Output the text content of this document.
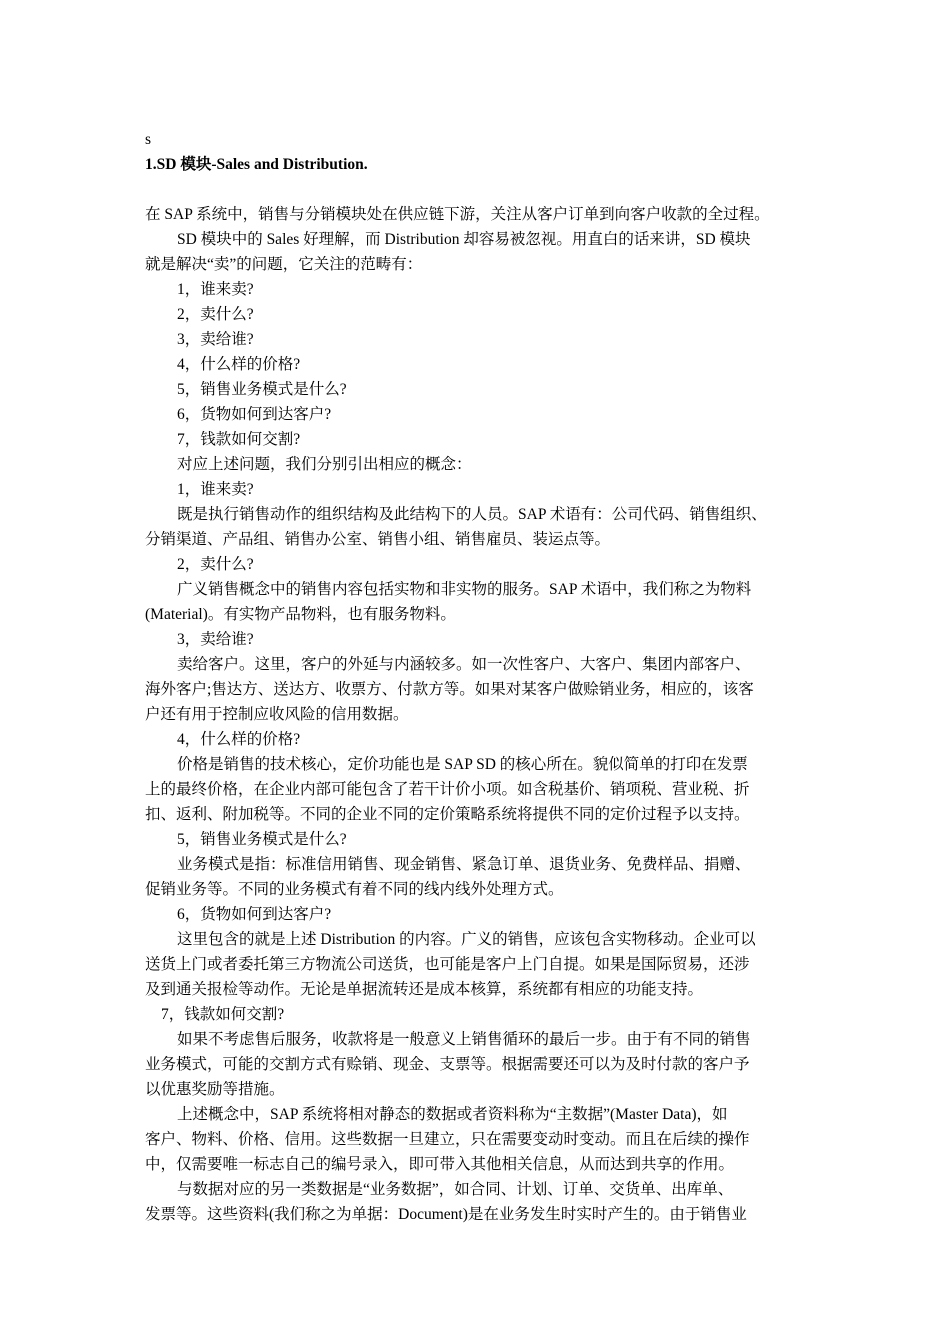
s
1.SD 模块-Sales and Distribution.
在 SAP 系统中，销售与分销模块处在供应链下游，关注从客户订单到向客户收款的全过程。
SD 模块中的 Sales 好理解，而 Distribution 却容易被忽视。用直白的话来讲，SD 模块
就是解决“卖”的问题，它关注的范畴有：
1，谁来卖?
2，卖什么?
3，卖给谁?
4，什么样的价格?
5，销售业务模式是什么?
6，货物如何到达客户?
7，钱款如何交割?
对应上述问题，我们分别引出相应的概念：
1，谁来卖?
既是执行销售动作的组织结构及此结构下的人员。SAP 术语有：公司代码、销售组织、
分销渠道、产品组、销售办公室、销售小组、销售雇员、装运点等。
2，卖什么?
广义销售概念中的销售内容包括实物和非实物的服务。SAP 术语中，我们称之为物料
(Material)。有实物产品物料，也有服务物料。
3，卖给谁?
卖给客户。这里，客户的外延与内涵较多。如一次性客户、大客户、集团内部客户、
海外客户;售达方、送达方、收票方、付款方等。如果对某客户做赊销业务，相应的，该客
户还有用于控制应收风险的信用数据。
4，什么样的价格?
价格是销售的技术核心，定价功能也是 SAP SD 的核心所在。貌似简单的打印在发票
上的最终价格，在企业内部可能包含了若干计价小项。如含税基价、销项税、营业税、折
扣、返利、附加税等。不同的企业不同的定价策略系统将提供不同的定价过程予以支持。
5，销售业务模式是什么?
业务模式是指：标准信用销售、现金销售、紧急订单、退货业务、免费样品、捐赠、
促销业务等。不同的业务模式有着不同的线内线外处理方式。
6，货物如何到达客户?
这里包含的就是上述 Distribution 的内容。广义的销售，应该包含实物移动。企业可以
送货上门或者委托第三方物流公司送货，也可能是客户上门自提。如果是国际贸易，还涉
及到通关报检等动作。无论是单据流转还是成本核算，系统都有相应的功能支持。
7，钱款如何交割?
如果不考虑售后服务，收款将是一般意义上销售循环的最后一步。由于有不同的销售
业务模式，可能的交割方式有赊销、现金、支票等。根据需要还可以为及时付款的客户予
以优惠奖励等措施。
上述概念中，SAP 系统将相对静态的数据或者资料称为“主数据”(Master Data)，如
客户、物料、价格、信用。这些数据一旦建立，只在需要变动时变动。而且在后续的操作
中，仅需要唯一标志自己的编号录入，即可带入其他相关信息，从而达到共享的作用。
与数据对应的另一类数据是“业务数据”，如合同、计划、订单、交货单、出库单、
发票等。这些资料(我们称之为单据：Document)是在业务发生时实时产生的。由于销售业
